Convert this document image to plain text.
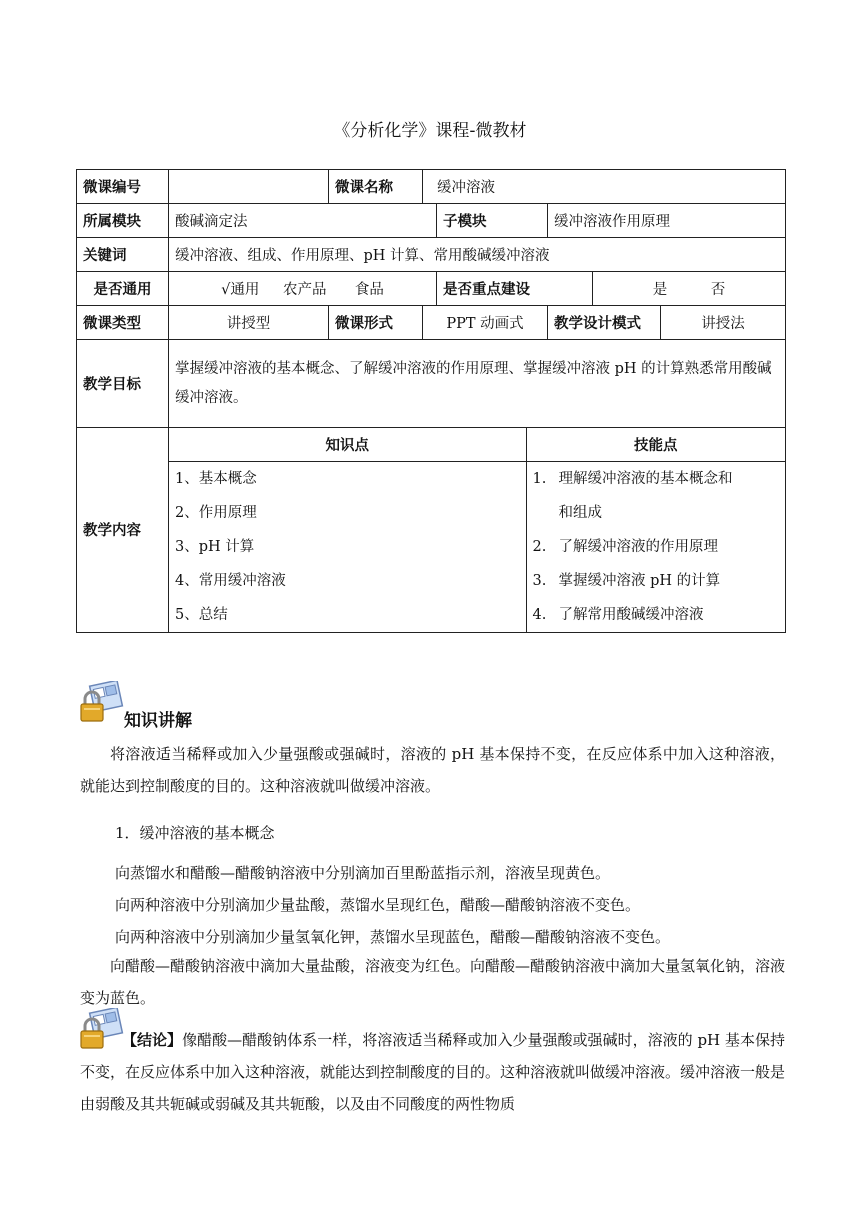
《分析化学》课程-微教材
微课编号		微课名称	缓冲溶液
所属模块	酸碱滴定法	子模块	缓冲溶液作用原理
关键词	缓冲溶液、组成、作用原理、pH 计算、常用酸碱缓冲溶液
是否通用	√通用　  农产品　   食品	是否重点建设	是　　　否
微课类型	讲授型	微课形式	PPT 动画式	教学设计模式	讲授法
教学目标	
掌握缓冲溶液的基本概念、了解缓冲溶液的作用原理、掌握缓冲溶液 pH 的计算熟悉常用酸碱缓冲溶液。

教学内容	
知识点	技能点

1、基本概念
2、作用原理
3、pH 计算
4、常用缓冲溶液
5、总结

1. 理解缓冲溶液的基本概念和
和组成
2. 了解缓冲溶液的作用原理
3. 掌握缓冲溶液 pH 的计算
4. 了解常用酸碱缓冲溶液
知识讲解
将溶液适当稀释或加入少量强酸或强碱时，溶液的 pH 基本保持不变，在反应体系中加入这种溶液，就能达到控制酸度的目的。这种溶液就叫做缓冲溶液。
1．缓冲溶液的基本概念
向蒸馏水和醋酸—醋酸钠溶液中分别滴加百里酚蓝指示剂，溶液呈现黄色。
向两种溶液中分别滴加少量盐酸，蒸馏水呈现红色，醋酸—醋酸钠溶液不变色。
向两种溶液中分别滴加少量氢氧化钾，蒸馏水呈现蓝色，醋酸—醋酸钠溶液不变色。
向醋酸—醋酸钠溶液中滴加大量盐酸，溶液变为红色。向醋酸—醋酸钠溶液中滴加大量氢氧化钠，溶液变为蓝色。
【结论】像醋酸—醋酸钠体系一样，将溶液适当稀释或加入少量强酸或强碱时，溶液的 pH 基本保持不变，在反应体系中加入这种溶液，就能达到控制酸度的目的。这种溶液就叫做缓冲溶液。缓冲溶液一般是由弱酸及其共轭碱或弱碱及其共轭酸，以及由不同酸度的两性物质
